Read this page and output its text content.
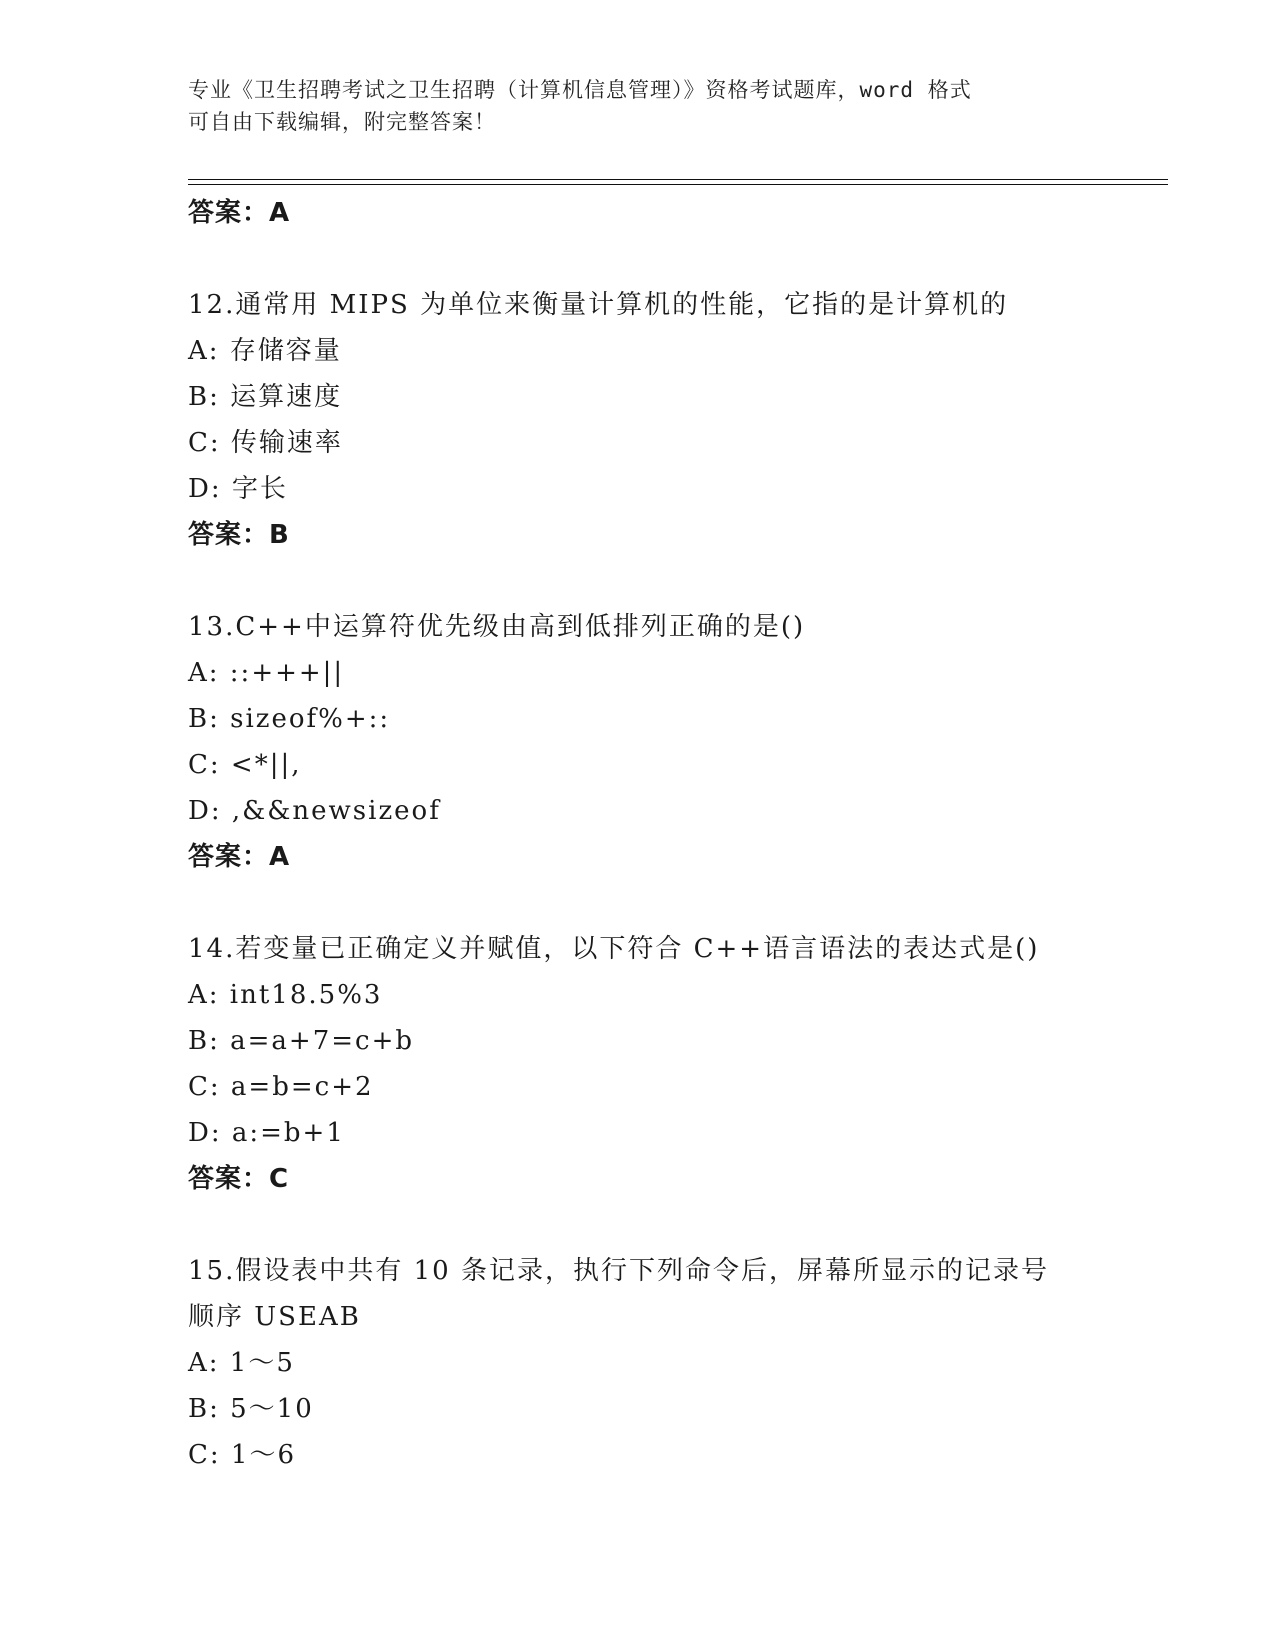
专业《卫生招聘考试之卫生招聘（计算机信息管理）》资格考试题库，word 格式
可自由下载编辑，附完整答案！
答案：A
12.通常用 MIPS 为单位来衡量计算机的性能，它指的是计算机的
A: 存储容量
B: 运算速度
C: 传输速率
D: 字长
答案：B
13.C++中运算符优先级由高到低排列正确的是()
A: ::+++||
B: sizeof%+::
C: <*||,
D: ,&&newsizeof
答案：A
14.若变量已正确定义并赋值，以下符合 C++语言语法的表达式是()
A: int18.5%3
B: a=a+7=c+b
C: a=b=c+2
D: a:=b+1
答案：C
15.假设表中共有 10 条记录，执行下列命令后，屏幕所显示的记录号
顺序 USEAB
A: 1～5
B: 5～10
C: 1～6
